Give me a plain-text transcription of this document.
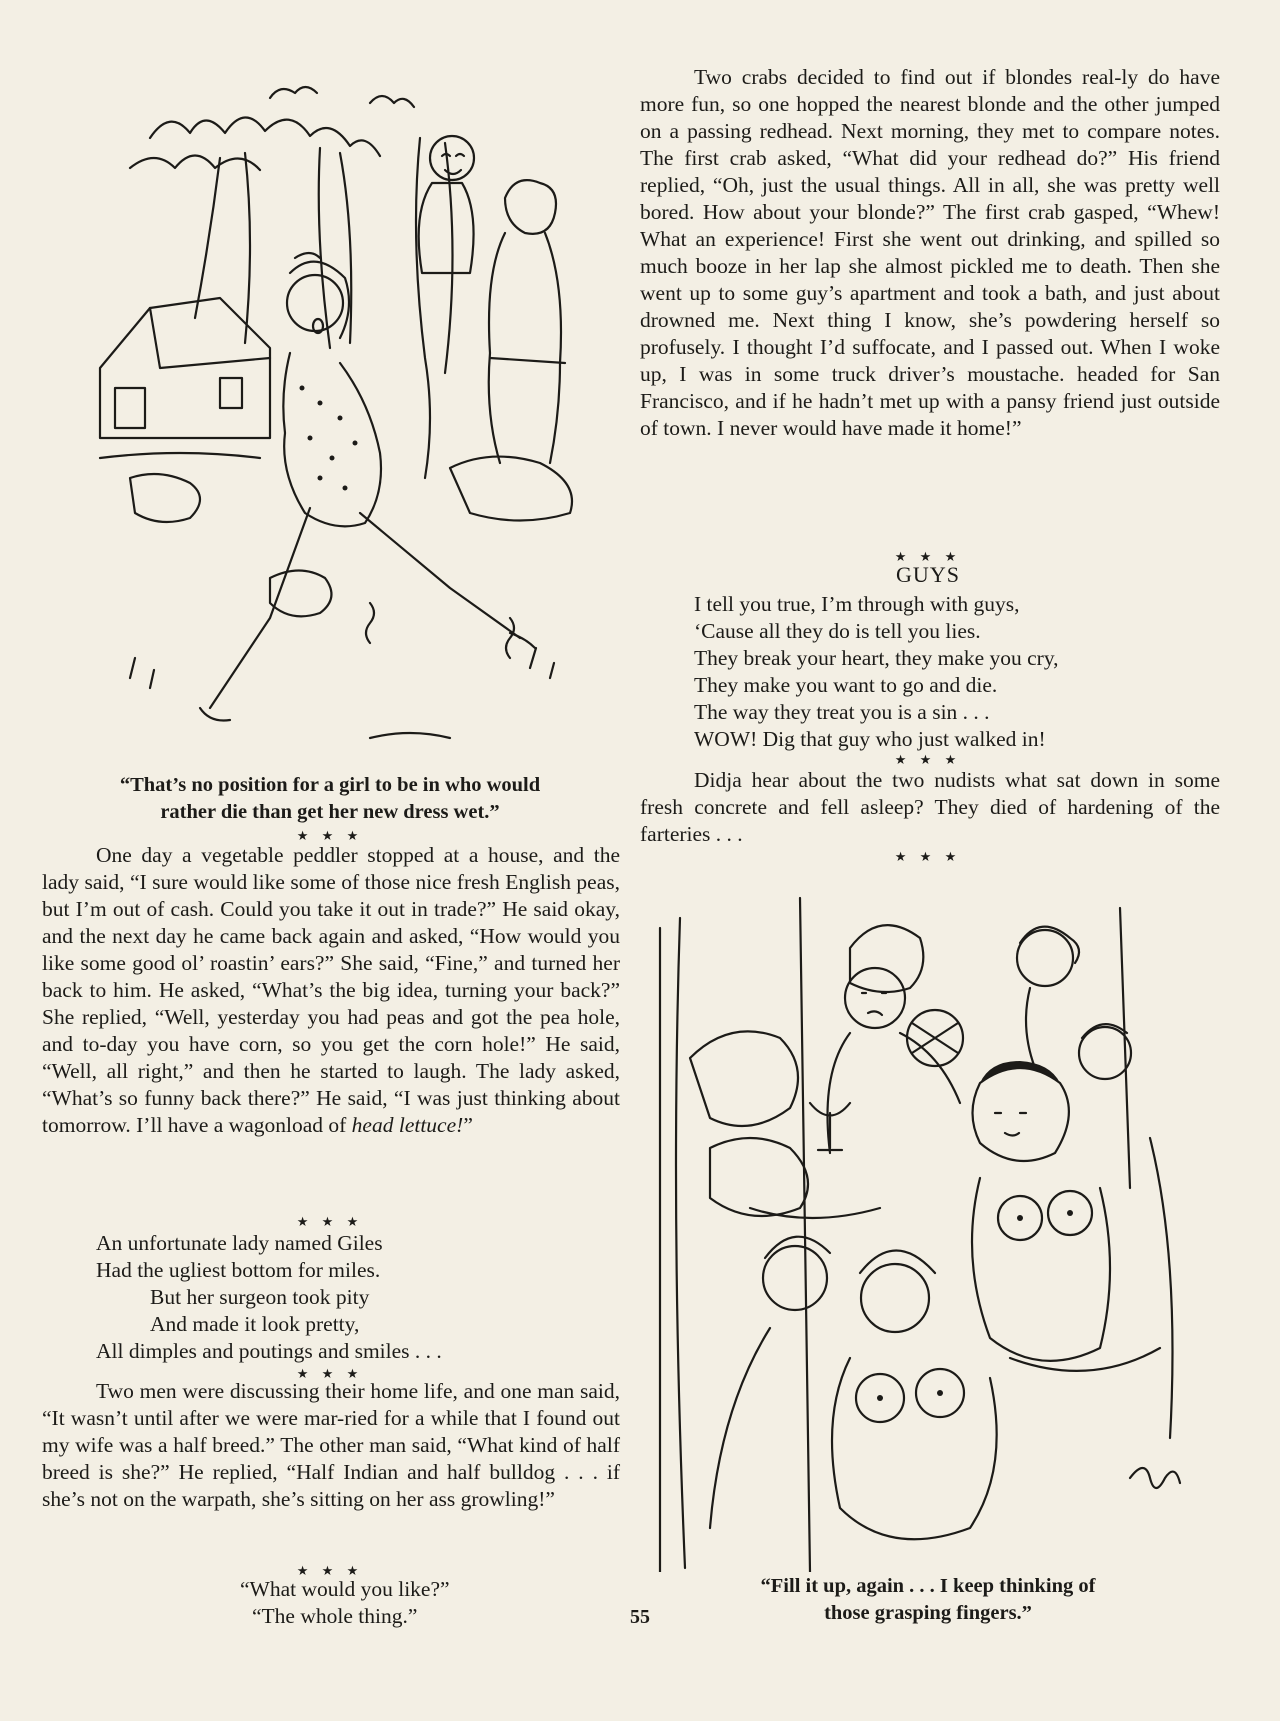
“That’s no position for a girl to be in who would
rather die than get her new dress wet.”
★ ★ ★

One day a vegetable peddler stopped at a house, and the lady said, “I sure would like some of those nice fresh English peas, but I’m out of cash. Could you take it out in trade?” He said okay, and the next day he came back again and asked, “How would you like some good ol’ roastin’ ears?” She said, “Fine,” and turned her back to him. He asked, “What’s the big idea, turning your back?” She replied, “Well, yesterday you had peas and got the pea hole, and to-day you have corn, so you get the corn hole!” He said, “Well, all right,” and then he started to laugh. The lady asked, “What’s so funny back there?” He said, “I was just thinking about tomorrow. I’ll have a wagonload of head lettuce!”

★ ★ ★
An unfortunate lady named Giles
Had the ugliest bottom for miles.
But her surgeon took pity
And made it look pretty,
All dimples and poutings and smiles . . .
★ ★ ★

Two men were discussing their home life, and one man said, “It wasn’t until after we were mar-ried for a while that I found out my wife was a half breed.” The other man said, “What kind of half breed is she?” He replied, “Half Indian and half bulldog . . . if she’s not on the warpath, she’s sitting on her ass growling!”

★ ★ ★
“What would you like?”
“The whole thing.”

Two crabs decided to find out if blondes real-ly do have more fun, so one hopped the nearest blonde and the other jumped on a passing redhead. Next morning, they met to compare notes. The first crab asked, “What did your redhead do?” His friend replied, “Oh, just the usual things. All in all, she was pretty well bored. How about your blonde?” The first crab gasped, “Whew! What an experience! First she went out drinking, and spilled so much booze in her lap she almost pickled me to death. Then she went up to some guy’s apartment and took a bath, and just about drowned me. Next thing I know, she’s powdering herself so profusely. I thought I’d suffocate, and I passed out. When I woke up, I was in some truck driver’s moustache. headed for San Francisco, and if he hadn’t met up with a pansy friend just outside of town. I never would have made it home!”

★ ★ ★
GUYS
I tell you true, I’m through with guys,
‘Cause all they do is tell you lies.
They break your heart, they make you cry,
They make you want to go and die.
The way they treat you is a sin . . .
WOW! Dig that guy who just walked in!
★ ★ ★

Didja hear about the two nudists what sat down in some fresh concrete and fell asleep? They died of hardening of the farteries . . .

★ ★ ★
“Fill it up, again . . . I keep thinking of
those grasping fingers.”
55
